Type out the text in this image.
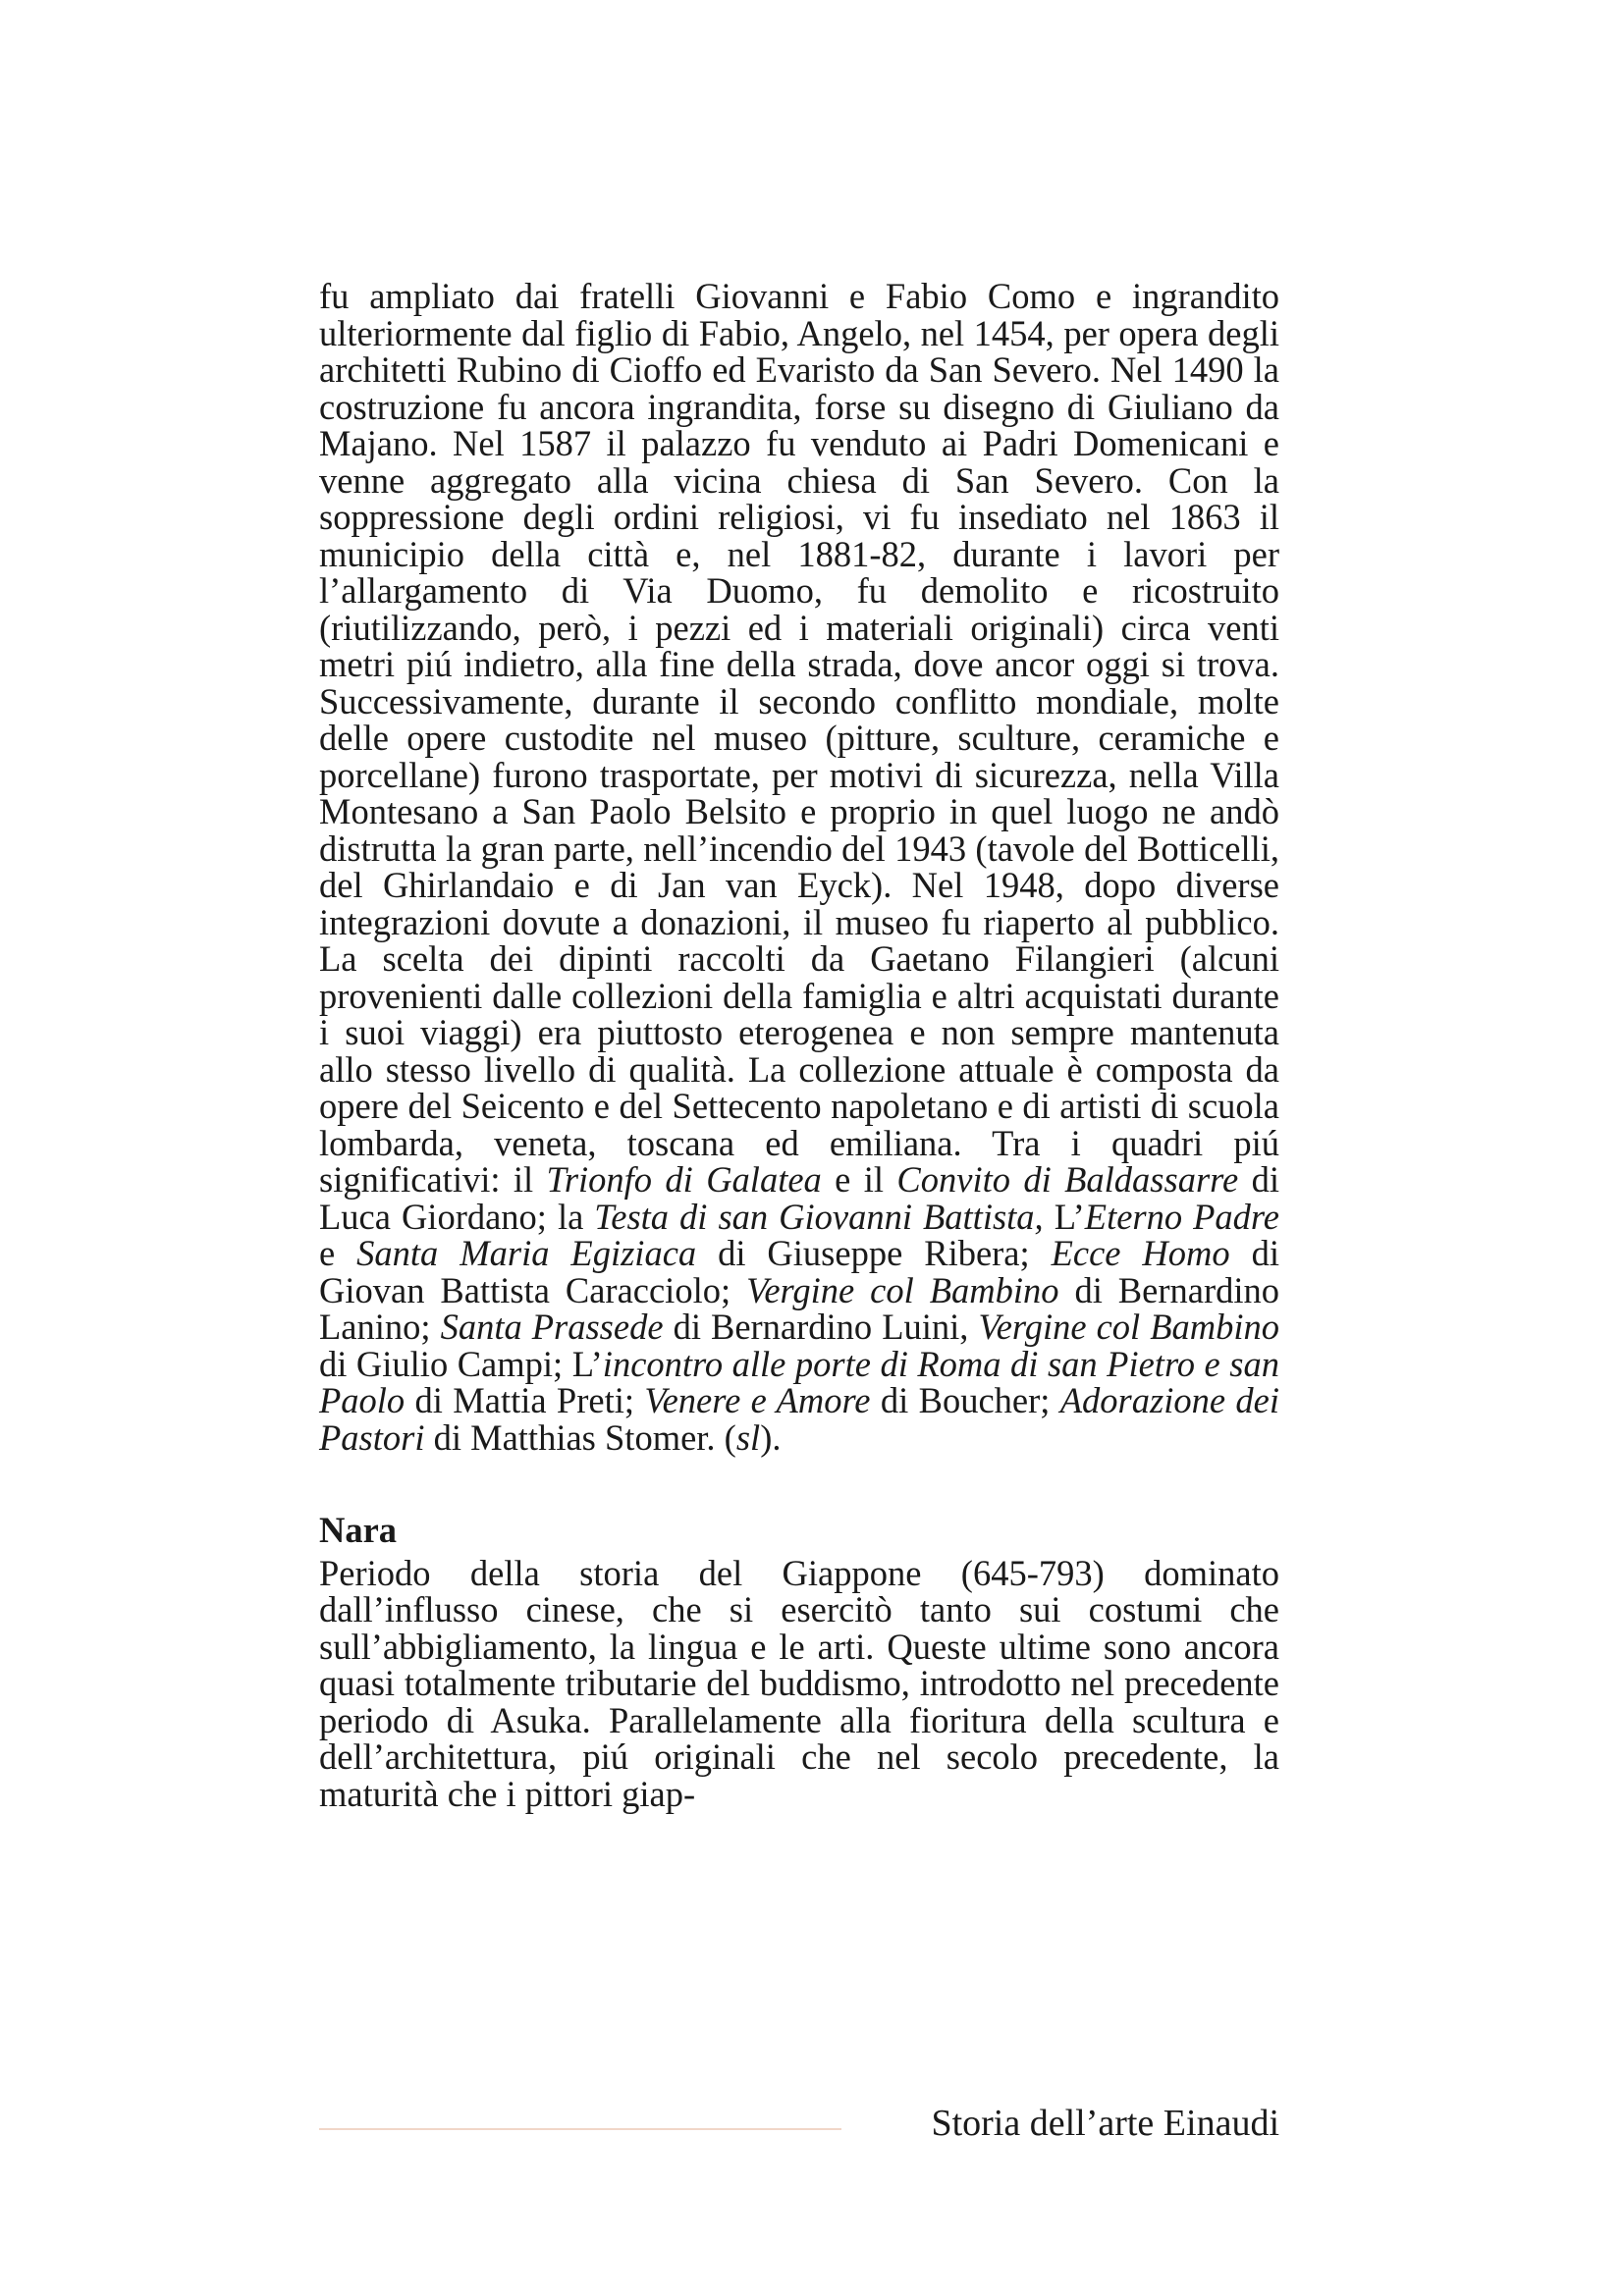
fu ampliato dai fratelli Giovanni e Fabio Como e ingrandito ulteriormente dal figlio di Fabio, Angelo, nel 1454, per opera degli architetti Rubino di Cioffo ed Evaristo da San Severo. Nel 1490 la costruzione fu ancora ingrandita, forse su disegno di Giuliano da Majano. Nel 1587 il palazzo fu venduto ai Padri Domenicani e venne aggregato alla vicina chiesa di San Severo. Con la soppressione degli ordini religiosi, vi fu insediato nel 1863 il municipio della città e, nel 1881-82, durante i lavori per l’allargamento di Via Duomo, fu demolito e ricostruito (riutilizzando, però, i pezzi ed i materiali originali) circa venti metri piú indietro, alla fine della strada, dove ancor oggi si trova. Successivamente, durante il secondo conflitto mondiale, molte delle opere custodite nel museo (pitture, sculture, ceramiche e porcellane) furono trasportate, per motivi di sicurezza, nella Villa Montesano a San Paolo Belsito e proprio in quel luogo ne andò distrutta la gran parte, nell’incendio del 1943 (tavole del Botticelli, del Ghirlandaio e di Jan van Eyck). Nel 1948, dopo diverse integrazioni dovute a donazioni, il museo fu riaperto al pubblico. La scelta dei dipinti raccolti da Gaetano Filangieri (alcuni provenienti dalle collezioni della famiglia e altri acquistati durante i suoi viaggi) era piuttosto eterogenea e non sempre mantenuta allo stesso livello di qualità. La collezione attuale è composta da opere del Seicento e del Settecento napoletano e di artisti di scuola lombarda, veneta, toscana ed emiliana. Tra i quadri piú significativi: il Trionfo di Galatea e il Convito di Baldassarre di Luca Giordano; la Testa di san Giovanni Battista, L’Eterno Padre e Santa Maria Egiziaca di Giuseppe Ribera; Ecce Homo di Giovan Battista Caracciolo; Vergine col Bambino di Bernardino Lanino; Santa Prassede di Bernardino Luini, Vergine col Bambino di Giulio Campi; L’incontro alle porte di Roma di san Pietro e san Paolo di Mattia Preti; Venere e Amore di Boucher; Adorazione dei Pastori di Matthias Stomer. (sl).

Nara

Periodo della storia del Giappone (645-793) dominato dall’influsso cinese, che si esercitò tanto sui costumi che sull’abbigliamento, la lingua e le arti. Queste ultime sono ancora quasi totalmente tributarie del buddismo, introdotto nel precedente periodo di Asuka. Parallelamente alla fioritura della scultura e dell’architettura, piú originali che nel secolo precedente, la maturità che i pittori giap-

Storia dell’arte Einaudi
